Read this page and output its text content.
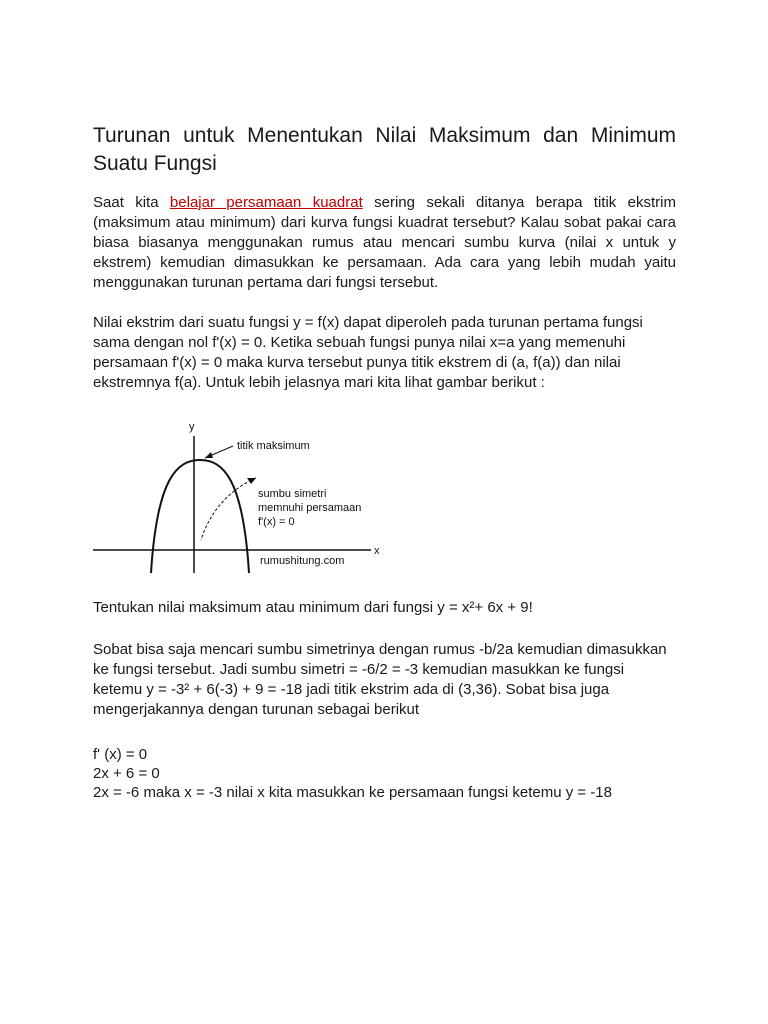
Turunan untuk Menentukan Nilai Maksimum dan Minimum Suatu Fungsi

Saat kita belajar persamaan kuadrat sering sekali ditanya berapa titik ekstrim (maksimum atau minimum) dari kurva fungsi kuadrat tersebut? Kalau sobat pakai cara biasa biasanya menggunakan rumus atau mencari sumbu kurva (nilai x untuk y ekstrem) kemudian dimasukkan ke persamaan. Ada cara yang lebih mudah yaitu menggunakan turunan pertama dari fungsi tersebut.

Nilai ekstrim dari suatu fungsi y = f(x) dapat diperoleh pada turunan pertama fungsi sama dengan nol f'(x) = 0. Ketika sebuah fungsi punya nilai x=a yang memenuhi persamaan f'(x) = 0 maka kurva tersebut punya titik ekstrem di (a, f(a)) dan nilai ekstremnya f(a). Untuk lebih jelasnya mari kita lihat gambar berikut :

y
x
titik maksimum
sumbu simetri
memnuhi persamaan
f'(x) = 0
rumushitung.com

Tentukan nilai maksimum atau minimum dari fungsi y = x²+ 6x + 9!

Sobat bisa saja mencari sumbu simetrinya dengan rumus -b/2a kemudian dimasukkan ke fungsi tersebut. Jadi sumbu simetri = -6/2 = -3 kemudian masukkan ke fungsi ketemu y = -3² + 6(-3) + 9 = -18 jadi titik ekstrim ada di (3,36). Sobat bisa juga mengerjakannya dengan turunan sebagai berikut

f' (x) = 0

2x + 6 = 0

2x = -6 maka x = -3 nilai x kita masukkan ke persamaan fungsi ketemu y = -18
